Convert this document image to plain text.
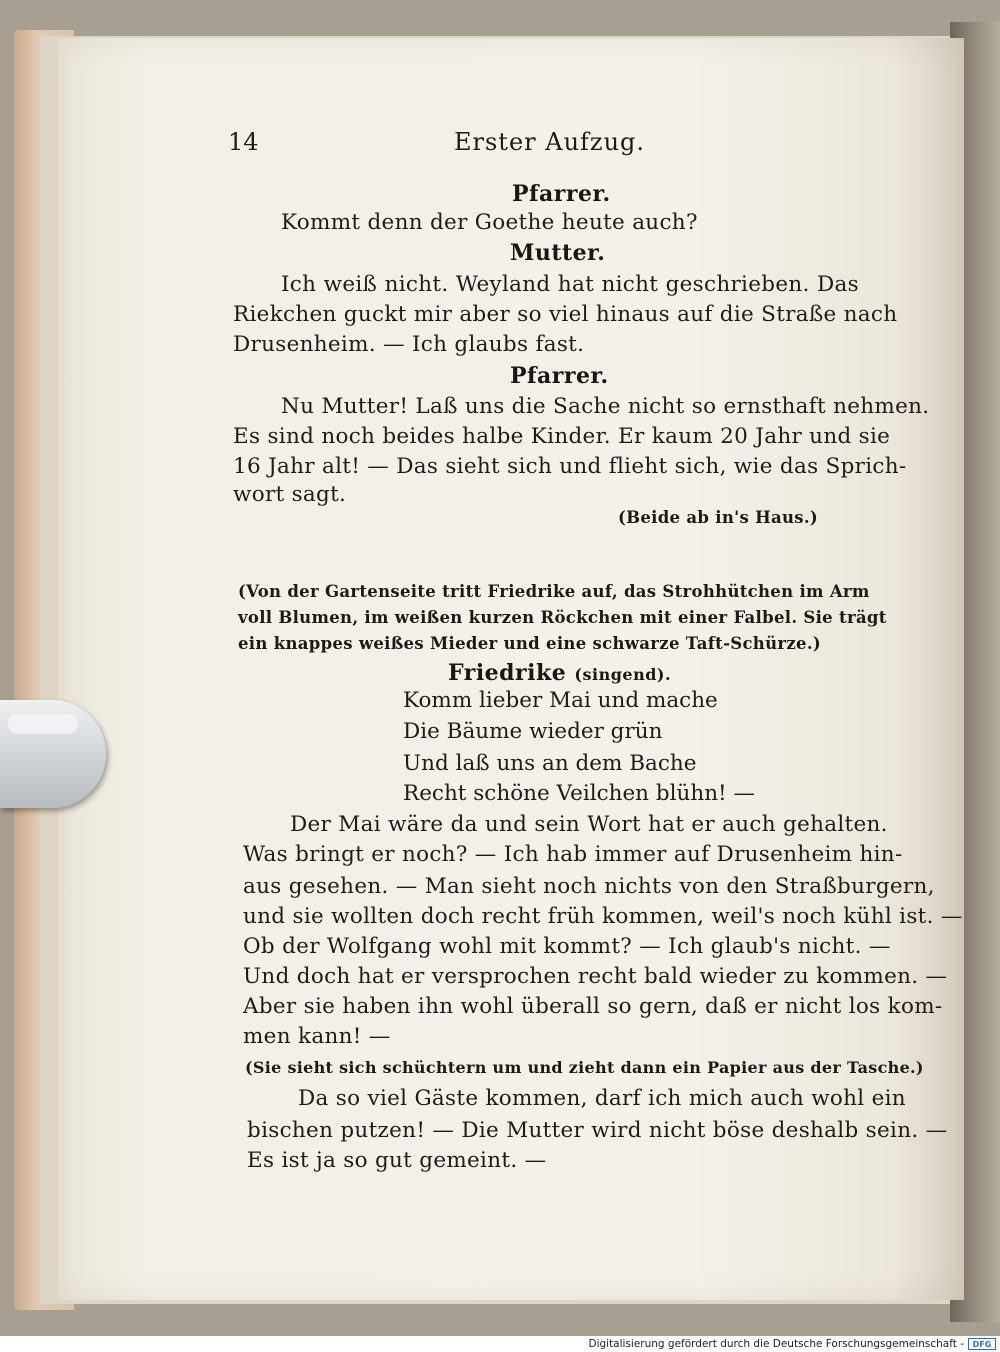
14	Erster Aufzug.
Pfarrer.
Kommt denn der Goethe heute auch?
Mutter.
Ich weiß nicht. Weyland hat nicht geschrieben. Das
Riekchen guckt mir aber so viel hinaus auf die Straße nach
Drusenheim. — Ich glaubs fast.
Pfarrer.
Nu Mutter! Laß uns die Sache nicht so ernsthaft nehmen.
Es sind noch beides halbe Kinder. Er kaum 20 Jahr und sie
16 Jahr alt! — Das sieht sich und flieht sich, wie das Sprich-
wort sagt.
(Beide ab in's Haus.)
(Von der Gartenseite tritt Friedrike auf, das Strohhütchen im Arm
voll Blumen, im weißen kurzen Röckchen mit einer Falbel. Sie trägt
ein knappes weißes Mieder und eine schwarze Taft-Schürze.)
Friedrike (singend).
Komm lieber Mai und mache
Die Bäume wieder grün
Und laß uns an dem Bache
Recht schöne Veilchen blühn! —
Der Mai wäre da und sein Wort hat er auch gehalten.
Was bringt er noch? — Ich hab immer auf Drusenheim hin-
aus gesehen. — Man sieht noch nichts von den Straßburgern,
und sie wollten doch recht früh kommen, weil's noch kühl ist. —
Ob der Wolfgang wohl mit kommt? — Ich glaub's nicht. —
Und doch hat er versprochen recht bald wieder zu kommen. —
Aber sie haben ihn wohl überall so gern, daß er nicht los kom-
men kann! —
(Sie sieht sich schüchtern um und zieht dann ein Papier aus der Tasche.)
Da so viel Gäste kommen, darf ich mich auch wohl ein
bischen putzen! — Die Mutter wird nicht böse deshalb sein. —
Es ist ja so gut gemeint. —
Digitalisierung gefördert durch die Deutsche Forschungsgemeinschaft -	DFG
